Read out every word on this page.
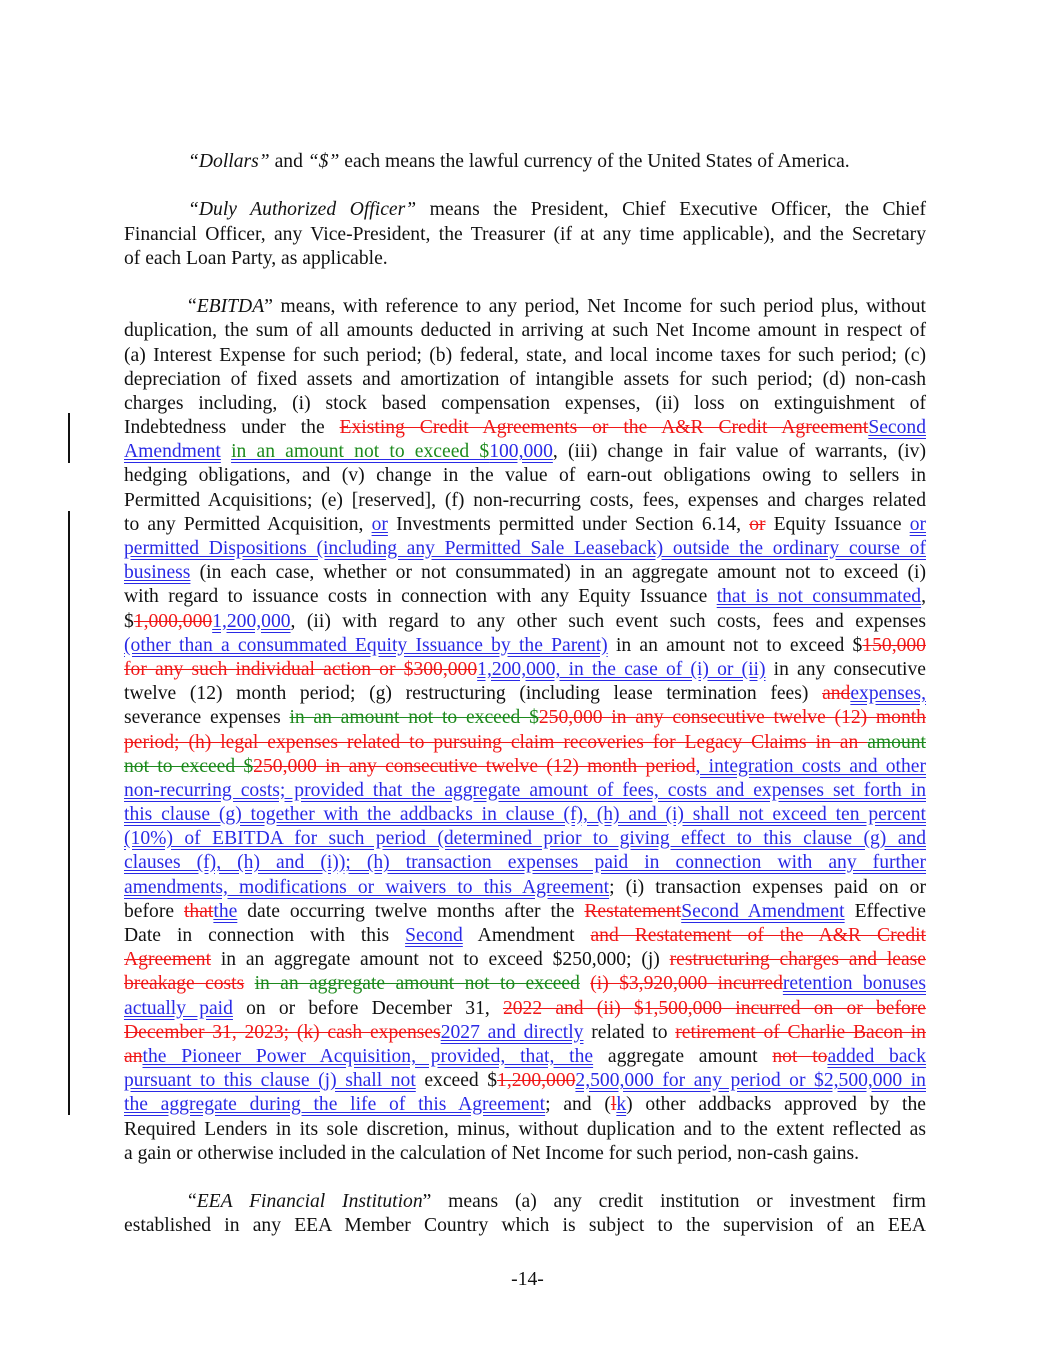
“Dollars” and “$” each means the lawful currency of the United States of America.
“Duly Authorized Officer” means the President, Chief Executive Officer, the Chief
Financial Officer, any Vice-President, the Treasurer (if at any time applicable), and the Secretary
of each Loan Party, as applicable.
“EBITDA” means, with reference to any period, Net Income for such period plus, without
duplication, the sum of all amounts deducted in arriving at such Net Income amount in respect of
(a) Interest Expense for such period; (b) federal, state, and local income taxes for such period; (c)
depreciation of fixed assets and amortization of intangible assets for such period; (d) non-cash
charges including, (i) stock based compensation expenses, (ii) loss on extinguishment of
Indebtedness under the Existing Credit Agreements or the A&R Credit AgreementSecond
Amendment in an amount not to exceed $100,000, (iii) change in fair value of warrants, (iv)
hedging obligations, and (v) change in the value of earn-out obligations owing to sellers in
Permitted Acquisitions; (e) [reserved], (f) non-recurring costs, fees, expenses and charges related
to any Permitted Acquisition, or Investments permitted under Section 6.14, or Equity Issuance or
permitted Dispositions (including any Permitted Sale Leaseback) outside the ordinary course of
business (in each case, whether or not consummated) in an aggregate amount not to exceed (i)
with regard to issuance costs in connection with any Equity Issuance that is not consummated,
$1,000,0001,200,000, (ii) with regard to any other such event such costs, fees and expenses
(other than a consummated Equity Issuance by the Parent) in an amount not to exceed $150,000
for any such individual action or $300,0001,200,000, in the case of (i) or (ii) in any consecutive
twelve (12) month period; (g) restructuring (including lease termination fees) andexpenses,
severance expenses in an amount not to exceed $250,000 in any consecutive twelve (12) month
period; (h) legal expenses related to pursuing claim recoveries for Legacy Claims in an amount
not to exceed $250,000 in any consecutive twelve (12) month period, integration costs and other
non-recurring costs; provided that the aggregate amount of fees, costs and expenses set forth in
this clause (g) together with the addbacks in clause (f), (h) and (i) shall not exceed ten percent
(10%) of EBITDA for such period (determined prior to giving effect to this clause (g) and
clauses (f), (h) and (i)); (h) transaction expenses paid in connection with any further
amendments, modifications or waivers to this Agreement; (i) transaction expenses paid on or
before thatthe date occurring twelve months after the RestatementSecond Amendment Effective
Date in connection with this Second Amendment and Restatement of the A&R Credit
Agreement in an aggregate amount not to exceed $250,000; (j) restructuring charges and lease
breakage costs in an aggregate amount not to exceed (i) $3,920,000 incurredretention bonuses
actually paid on or before December 31, 2022 and (ii) $1,500,000 incurred on or before
December 31, 2023; (k) cash expenses2027 and directly related to retirement of Charlie Bacon in
anthe Pioneer Power Acquisition, provided, that, the aggregate amount not toadded back
pursuant to this clause (j) shall not exceed $1,200,0002,500,000 for any period or $2,500,000 in
the aggregate during the life of this Agreement; and (lk) other addbacks approved by the
Required Lenders in its sole discretion, minus, without duplication and to the extent reflected as
a gain or otherwise included in the calculation of Net Income for such period, non-cash gains.
“EEA Financial Institution” means (a) any credit institution or investment firm
established in any EEA Member Country which is subject to the supervision of an EEA
-14-
